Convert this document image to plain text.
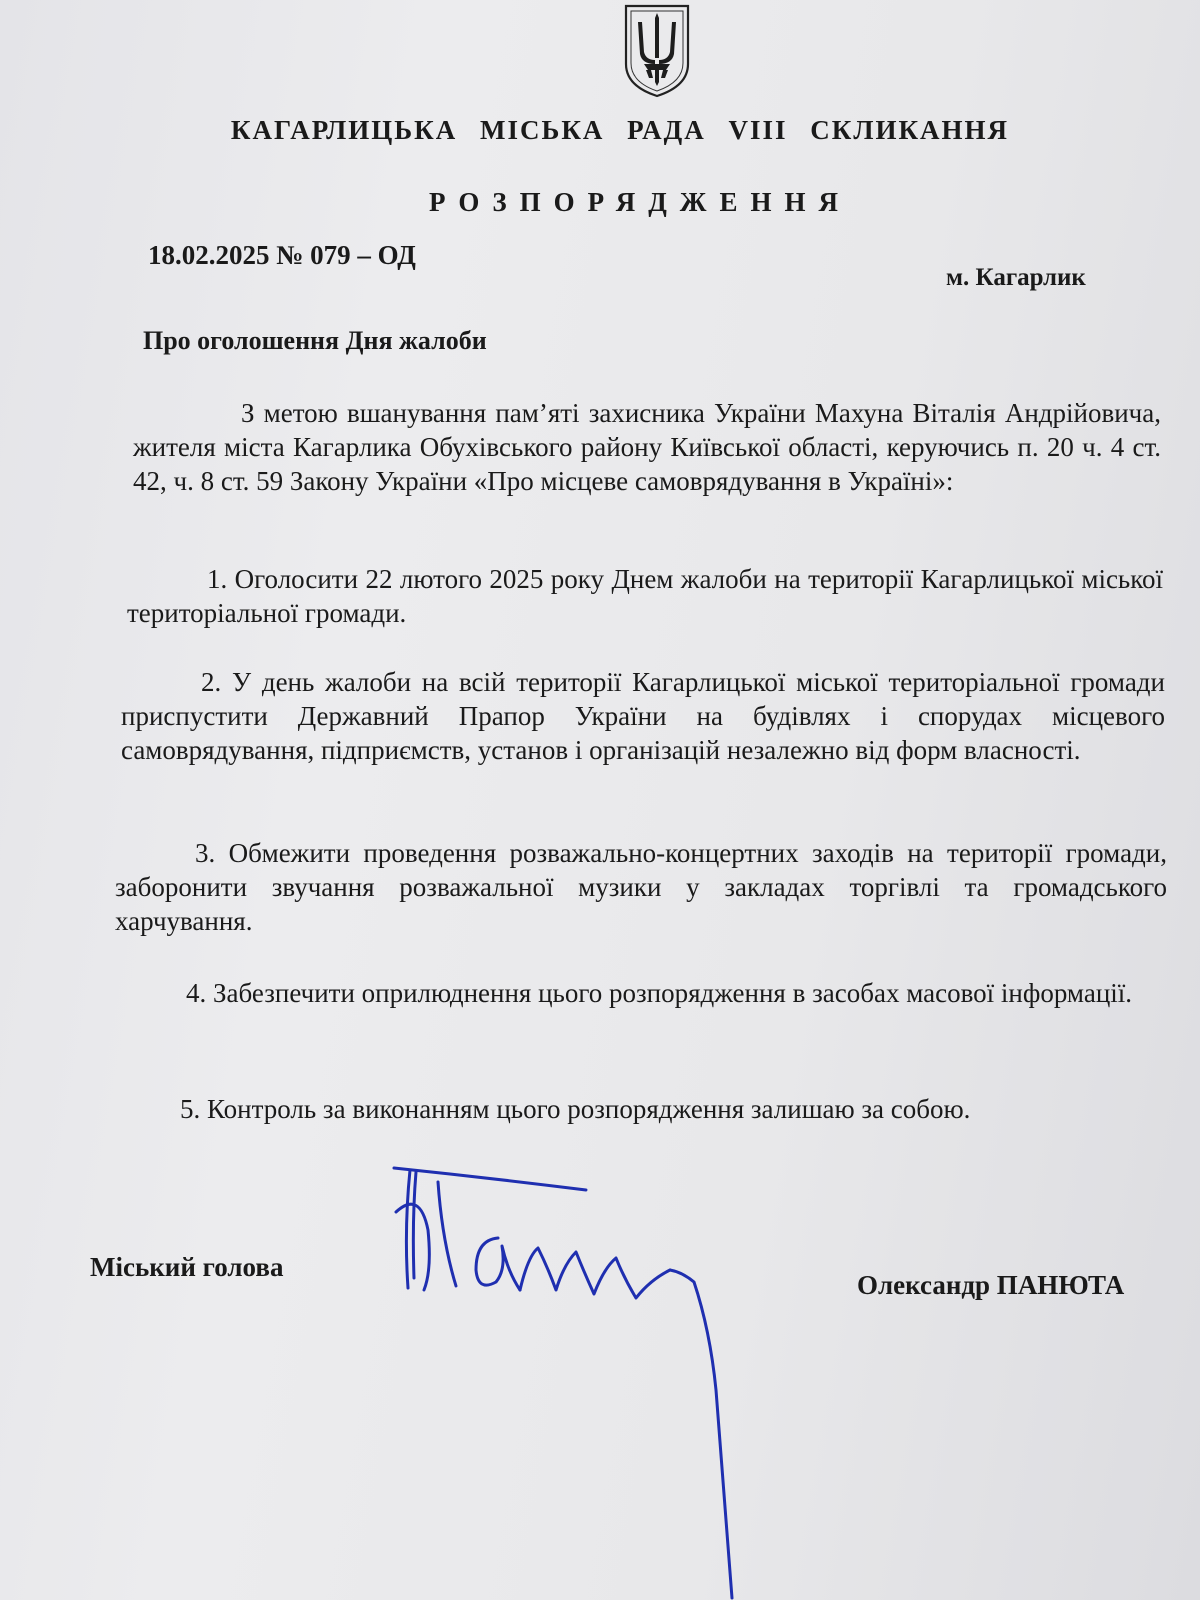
КАГАРЛИЦЬКА МІСЬКА РАДА VIII СКЛИКАННЯ
РОЗПОРЯДЖЕННЯ
18.02.2025 № 079 – ОД
м. Кагарлик
Про оголошення Дня жалоби
З метою вшанування пам’яті захисника України Махуна Віталія Андрійовича, жителя міста Кагарлика Обухівського району Київської області, керуючись п. 20 ч. 4 ст. 42, ч. 8 ст. 59 Закону України «Про місцеве самоврядування в Україні»:
1. Оголосити 22 лютого 2025 року Днем жалоби на території Кагарлицької міської територіальної громади.
2. У день жалоби на всій території Кагарлицької міської територіальної громади приспустити Державний Прапор України на будівлях і спорудах місцевого самоврядування, підприємств, установ і організацій незалежно від форм власності.
3. Обмежити проведення розважально-концертних заходів на території громади, заборонити звучання розважальної музики у закладах торгівлі та громадського харчування.
4. Забезпечити оприлюднення цього розпорядження в засобах масової інформації.
5. Контроль за виконанням цього розпорядження залишаю за собою.
Міський голова
Олександр ПАНЮТА
